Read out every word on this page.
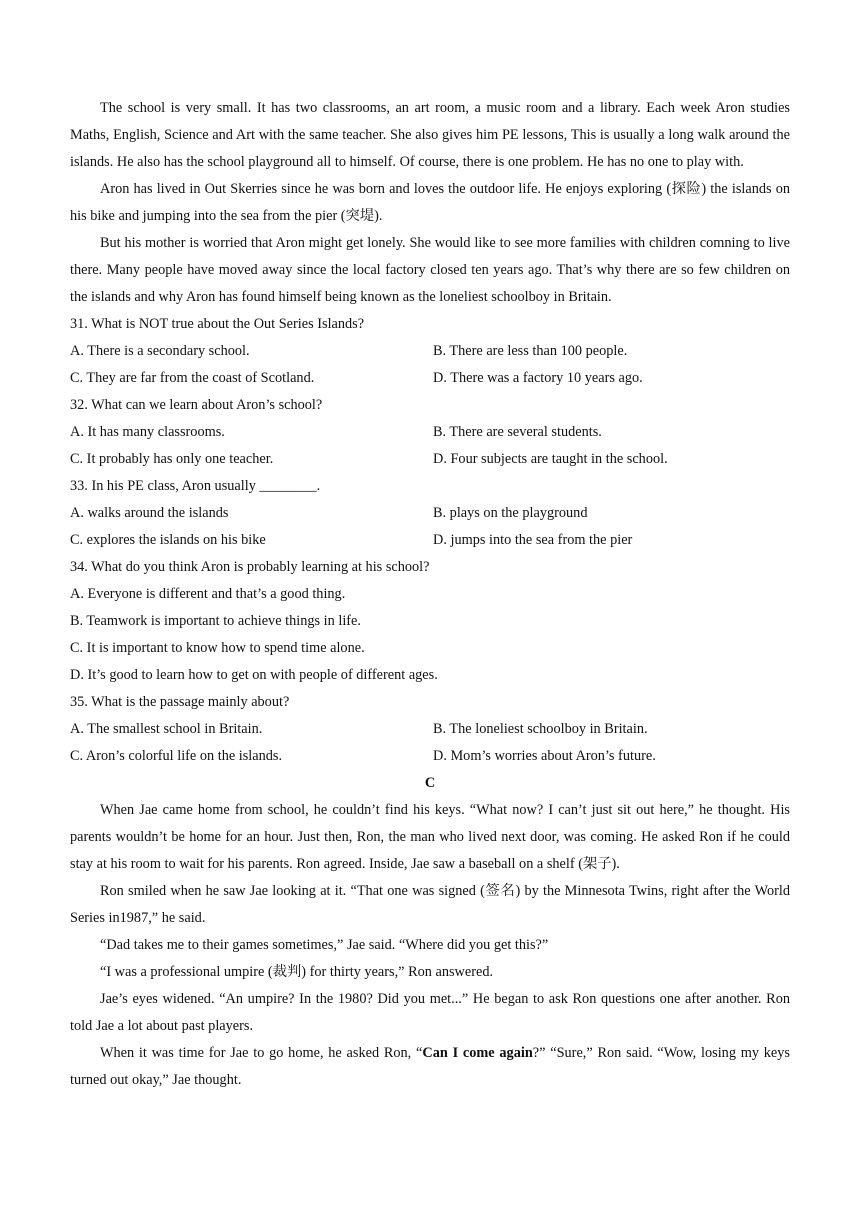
The school is very small. It has two classrooms, an art room, a music room and a library. Each week Aron studies Maths, English, Science and Art with the same teacher. She also gives him PE lessons, This is usually a long walk around the islands. He also has the school playground all to himself. Of course, there is one problem. He has no one to play with.

Aron has lived in Out Skerries since he was born and loves the outdoor life. He enjoys exploring (探险) the islands on his bike and jumping into the sea from the pier (突堤).

But his mother is worried that Aron might get lonely. She would like to see more families with children comning to live there. Many people have moved away since the local factory closed ten years ago. That’s why there are so few children on the islands and why Aron has found himself being known as the loneliest schoolboy in Britain.

31. What is NOT true about the Out Series Islands?
A. There is a secondary school.	B. There are less than 100 people.
C. They are far from the coast of Scotland.	D. There was a factory 10 years ago.
32. What can we learn about Aron’s school?
A. It has many classrooms.	B. There are several students.
C. It probably has only one teacher.	D. Four subjects are taught in the school.
33. In his PE class, Aron usually ________.
A. walks around the islands	B. plays on the playground
C. explores the islands on his bike	D. jumps into the sea from the pier
34. What do you think Aron is probably learning at his school?
A. Everyone is different and that’s a good thing.
B. Teamwork is important to achieve things in life.
C. It is important to know how to spend time alone.
D. It’s good to learn how to get on with people of different ages.
35. What is the passage mainly about?
A. The smallest school in Britain.	B. The loneliest schoolboy in Britain.
C. Aron’s colorful life on the islands.	D. Mom’s worries about Aron’s future.
C

When Jae came home from school, he couldn’t find his keys. “What now? I can’t just sit out here,” he thought. His parents wouldn’t be home for an hour. Just then, Ron, the man who lived next door, was coming. He asked Ron if he could stay at his room to wait for his parents. Ron agreed. Inside, Jae saw a baseball on a shelf (架子).

Ron smiled when he saw Jae looking at it. “That one was signed (签名) by the Minnesota Twins, right after the World Series in1987,” he said.

“Dad takes me to their games sometimes,” Jae said. “Where did you get this?”

“I was a professional umpire (裁判) for thirty years,” Ron answered.

Jae’s eyes widened. “An umpire? In the 1980? Did you met...” He began to ask Ron questions one after another. Ron told Jae a lot about past players.

When it was time for Jae to go home, he asked Ron, “Can I come again?” “Sure,” Ron said. “Wow, losing my keys turned out okay,” Jae thought.
